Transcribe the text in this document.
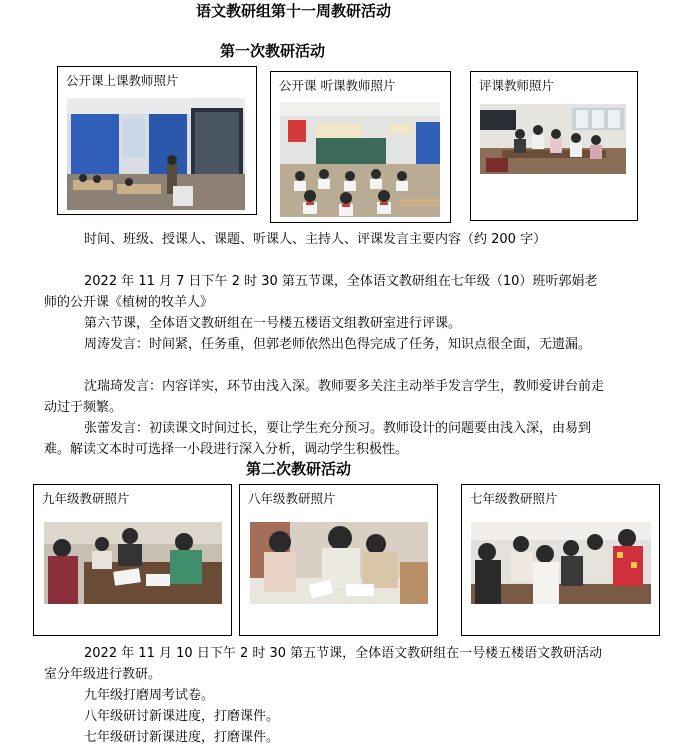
语文教研组第十一周教研活动
第一次教研活动
公开课上课教师照片	公开课 听课教师照片	评课教师照片

时间、班级、授课人、课题、听课人、主持人、评课发言主要内容（约 200 字）

2022 年 11 月 7 日下午 2 时 30 第五节课，全体语文教研组在七年级（10）班听郭娟老师的公开课《植树的牧羊人》

第六节课，全体语文教研组在一号楼五楼语文组教研室进行评课。

周涛发言：时间紧，任务重，但郭老师依然出色得完成了任务，知识点很全面，无遗漏。

沈瑞琦发言：内容详实，环节由浅入深。教师要多关注主动举手发言学生，教师爱讲台前走动过于频繁。

张蕾发言：初读课文时间过长，要让学生充分预习。教师设计的问题要由浅入深，由易到难。解读文本时可选择一小段进行深入分析，调动学生积极性。

第二次教研活动
九年级教研照片	八年级教研照片	七年级教研照片

2022 年 11 月 10 日下午 2 时 30 第五节课，全体语文教研组在一号楼五楼语文教研活动室分年级进行教研。

九年级打磨周考试卷。

八年级研讨新课进度，打磨课件。

七年级研讨新课进度，打磨课件。
